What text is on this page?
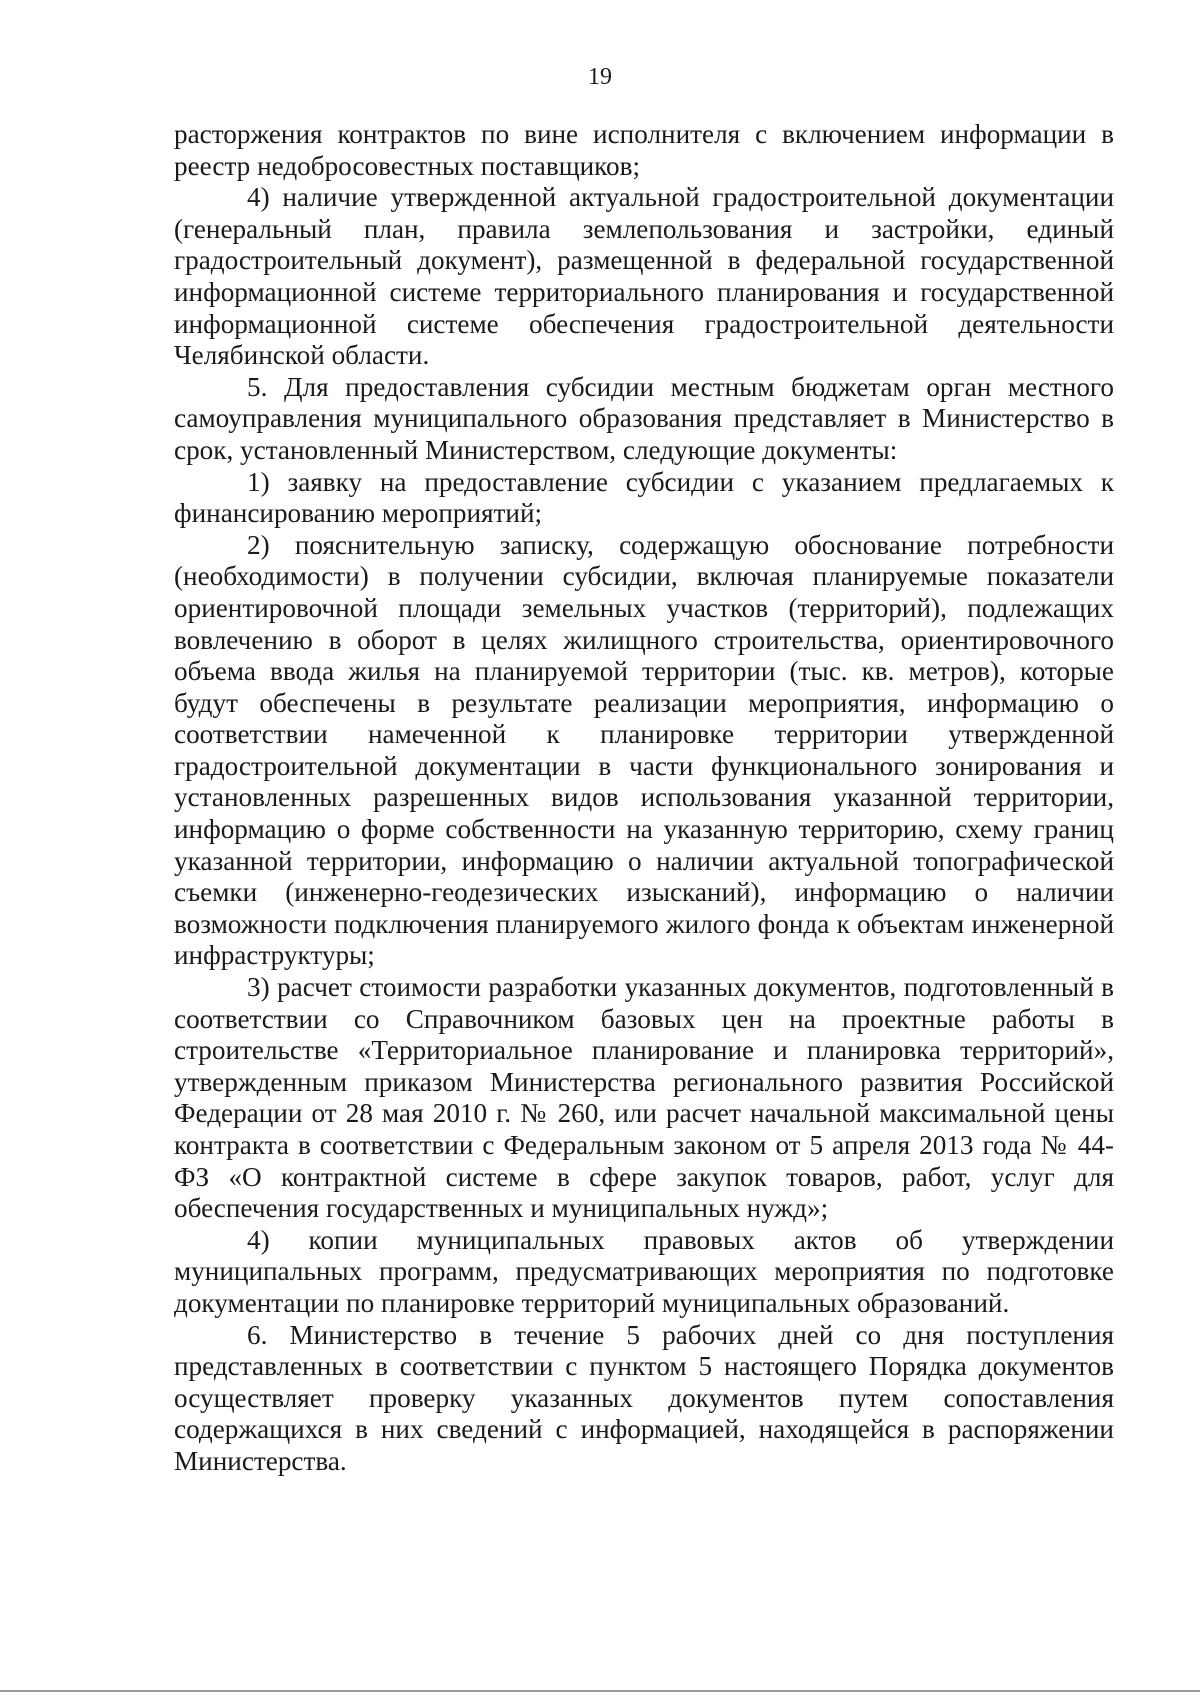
19

расторжения контрактов по вине исполнителя с включением информации в реестр недобросовестных поставщиков;

4) наличие утвержденной актуальной градостроительной документации (генеральный план, правила землепользования и застройки, единый градостроительный документ), размещенной в федеральной государственной информационной системе территориального планирования и государственной информационной системе обеспечения градостроительной деятельности Челябинской области.

5. Для предоставления субсидии местным бюджетам орган местного самоуправления муниципального образования представляет в Министерство в срок, установленный Министерством, следующие документы:

1) заявку на предоставление субсидии с указанием предлагаемых к финансированию мероприятий;

2) пояснительную записку, содержащую обоснование потребности (необходимости) в получении субсидии, включая планируемые показатели ориентировочной площади земельных участков (территорий), подлежащих вовлечению в оборот в целях жилищного строительства, ориентировочного объема ввода жилья на планируемой территории (тыс. кв. метров), которые будут обеспечены в результате реализации мероприятия, информацию о соответствии намеченной к планировке территории утвержденной градостроительной документации в части функционального зонирования и установленных разрешенных видов использования указанной территории, информацию о форме собственности на указанную территорию, схему границ указанной территории, информацию о наличии актуальной топографической съемки (инженерно-геодезических изысканий), информацию о наличии возможности подключения планируемого жилого фонда к объектам инженерной инфраструктуры;

3) расчет стоимости разработки указанных документов, подготовленный в соответствии со Справочником базовых цен на проектные работы в строительстве «Территориальное планирование и планировка территорий», утвержденным приказом Министерства регионального развития Российской Федерации от 28 мая 2010 г. № 260, или расчет начальной максимальной цены контракта в соответствии с Федеральным законом от 5 апреля 2013 года № 44-ФЗ «О контрактной системе в сфере закупок товаров, работ, услуг для обеспечения государственных и муниципальных нужд»;

4) копии муниципальных правовых актов об утверждении муниципальных программ, предусматривающих мероприятия по подготовке документации по планировке территорий муниципальных образований.

6. Министерство в течение 5 рабочих дней со дня поступления представленных в соответствии с пунктом 5 настоящего Порядка документов осуществляет проверку указанных документов путем сопоставления содержащихся в них сведений с информацией, находящейся в распоряжении Министерства.
